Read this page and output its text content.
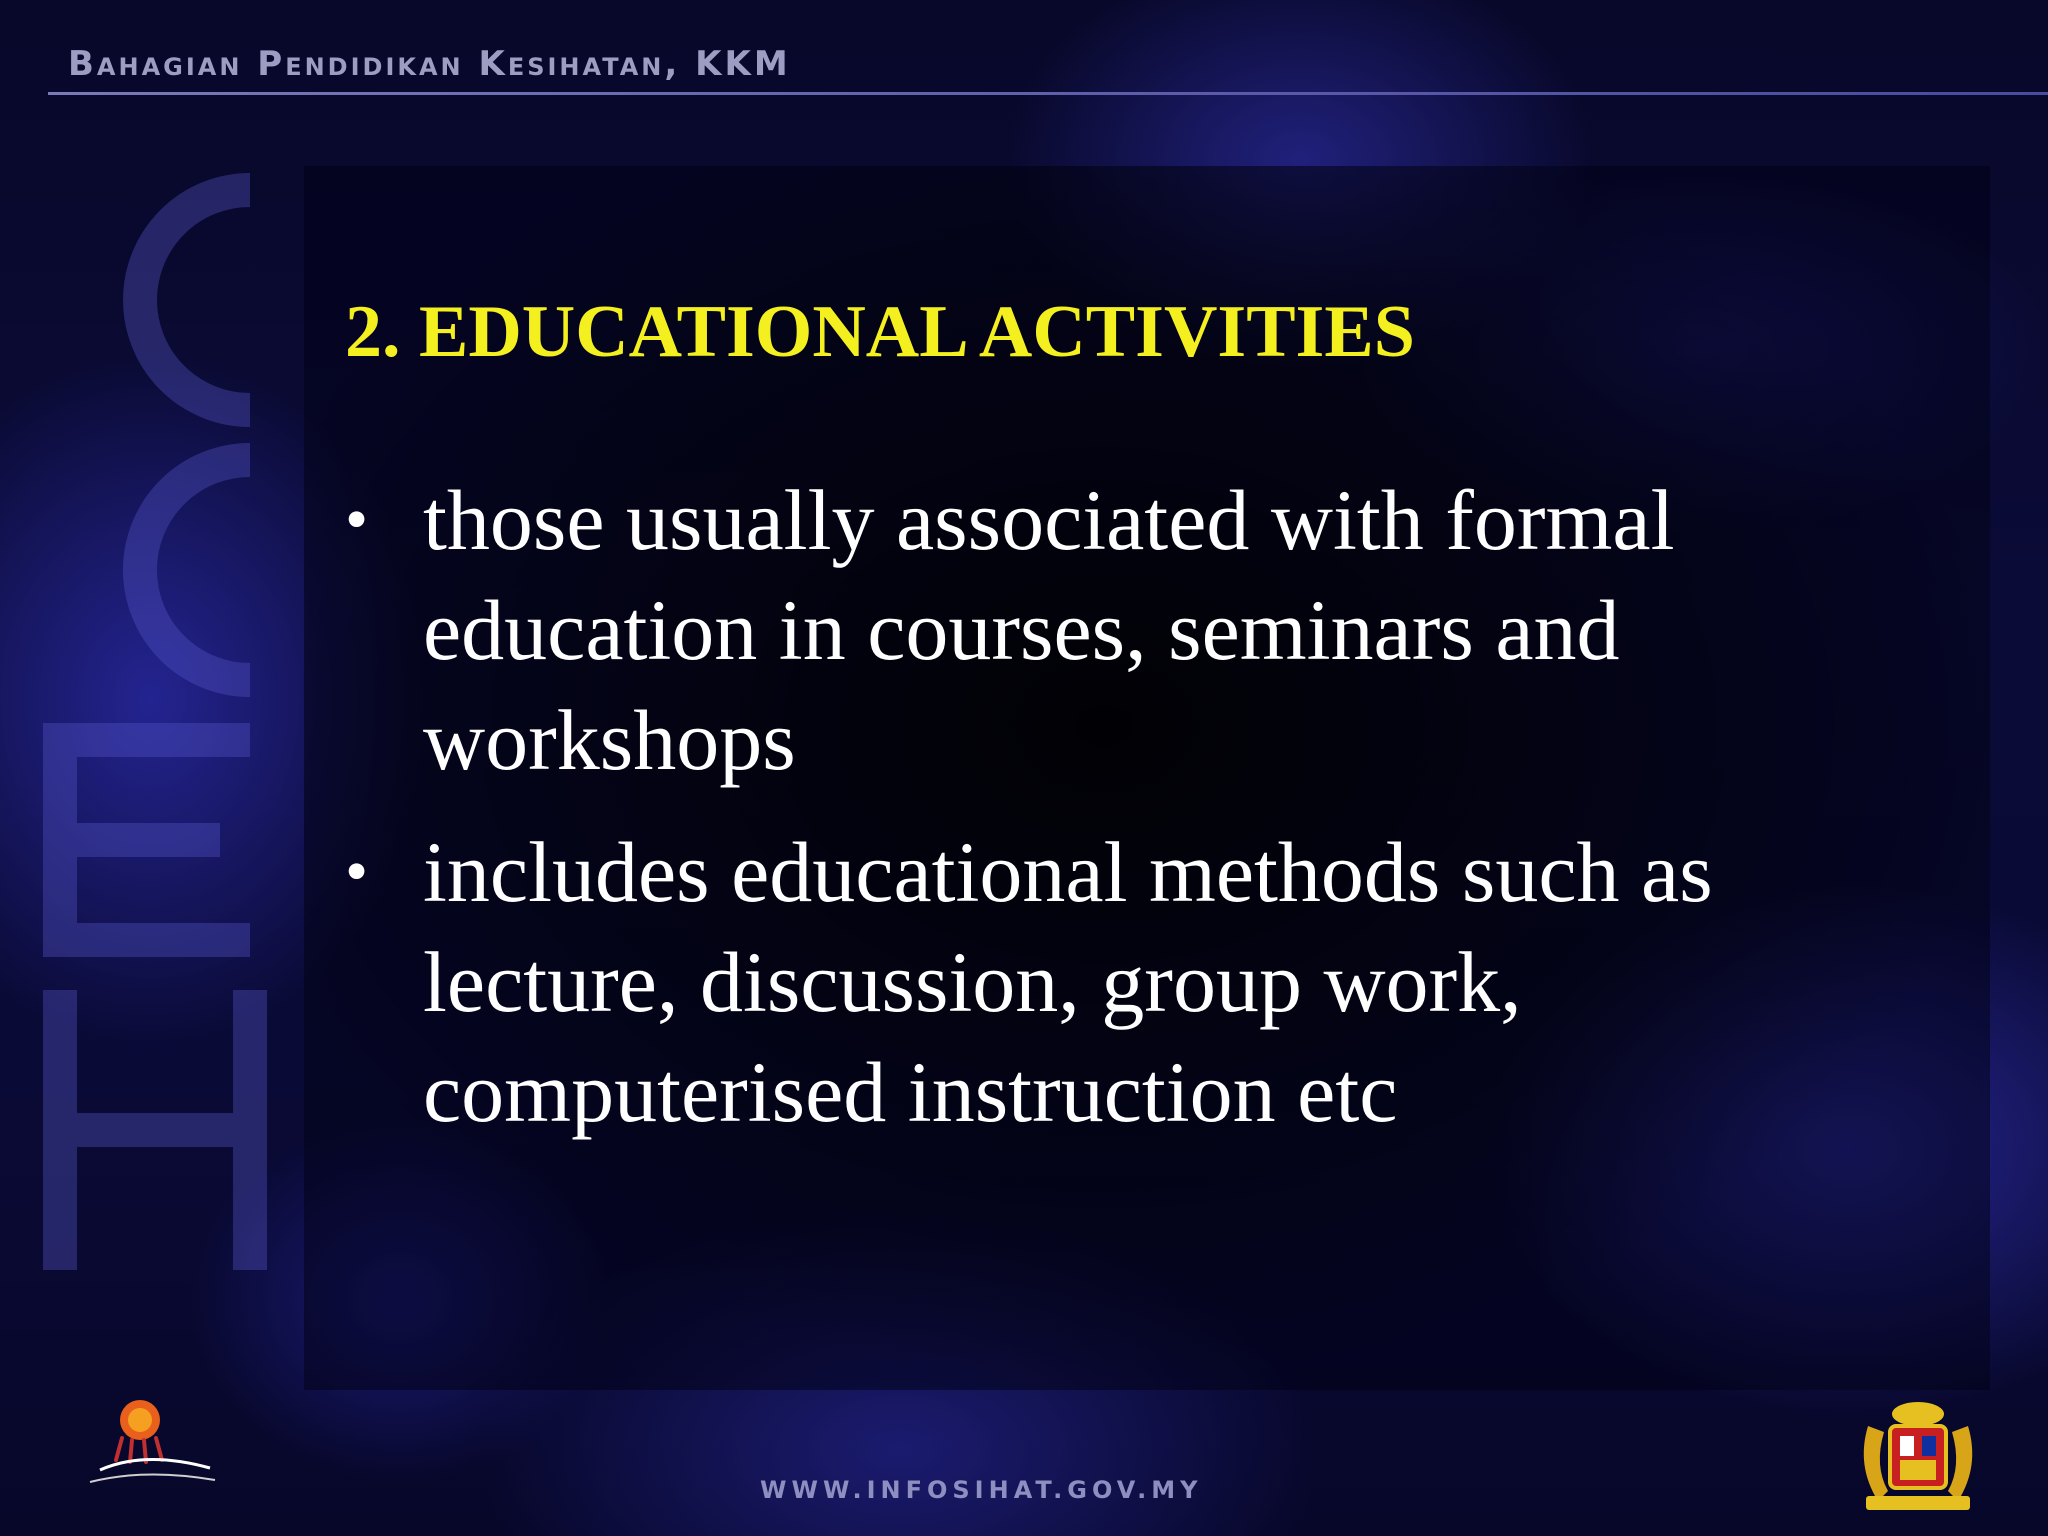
Bahagian Pendidikan Kesihatan, KKM
2. EDUCATIONAL ACTIVITIES
• those usually associated with formal education in courses, seminars and workshops
• includes educational methods such as lecture, discussion, group work, computerised instruction etc
WWW.INFOSIHAT.GOV.MY
